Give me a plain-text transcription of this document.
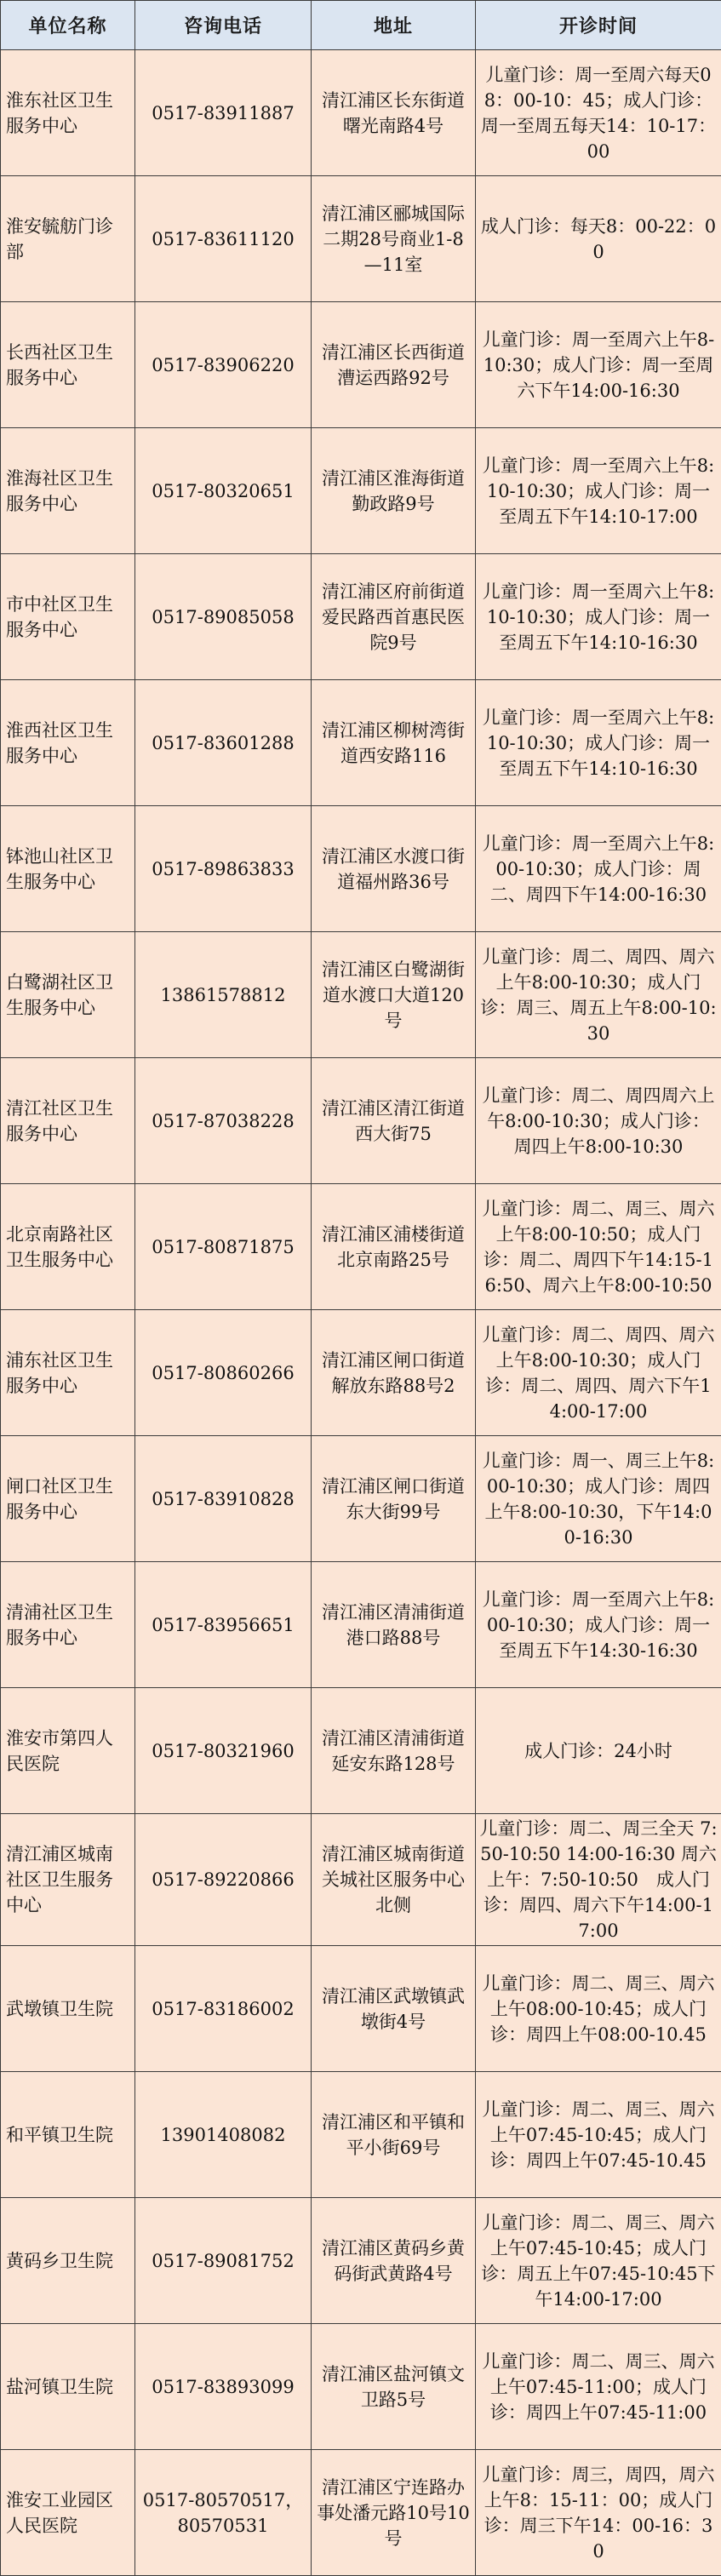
单位名称	咨询电话	地址	开诊时间
淮东社区卫生服务中心	0517-83911887	清江浦区长东街道曙光南路4号	儿童门诊：周一至周六每天08：00-10：45；成人门诊：周一至周五每天14：10-17：00
淮安毓舫门诊部	0517-83611120	清江浦区郦城国际二期28号商业1-8—11室	成人门诊：每天8：00-22：00
长西社区卫生服务中心	0517-83906220	清江浦区长西街道漕运西路92号	儿童门诊：周一至周六上午8-10:30；成人门诊：周一至周六下午14:00-16:30
淮海社区卫生服务中心	0517-80320651	清江浦区淮海街道勤政路9号	儿童门诊：周一至周六上午8:10-10:30；成人门诊：周一至周五下午14:10-17:00
市中社区卫生服务中心	0517-89085058	清江浦区府前街道爱民路西首惠民医院9号	儿童门诊：周一至周六上午8:10-10:30；成人门诊：周一至周五下午14:10-16:30
淮西社区卫生服务中心	0517-83601288	清江浦区柳树湾街道西安路116	儿童门诊：周一至周六上午8:10-10:30；成人门诊：周一至周五下午14:10-16:30
钵池山社区卫生服务中心	0517-89863833	清江浦区水渡口街道福州路36号	儿童门诊：周一至周六上午8:00-10:30；成人门诊：周二、周四下午14:00-16:30
白鹭湖社区卫生服务中心	13861578812	清江浦区白鹭湖街道水渡口大道120号	儿童门诊：周二、周四、周六上午8:00-10:30；成人门诊：周三、周五上午8:00-10:30
清江社区卫生服务中心	0517-87038228	清江浦区清江街道西大街75	儿童门诊：周二、周四周六上午8:00-10:30；成人门诊：周四上午8:00-10:30
北京南路社区卫生服务中心	0517-80871875	清江浦区浦楼街道北京南路25号	儿童门诊：周二、周三、周六上午8:00-10:50；成人门诊：周二、周四下午14:15-16:50、周六上午8:00-10:50
浦东社区卫生服务中心	0517-80860266	清江浦区闸口街道解放东路88号2	儿童门诊：周二、周四、周六上午8:00-10:30；成人门诊：周二、周四、周六下午14:00-17:00
闸口社区卫生服务中心	0517-83910828	清江浦区闸口街道东大街99号	儿童门诊：周一、周三上午8:00-10:30；成人门诊：周四上午8:00-10:30，下午14:00-16:30
清浦社区卫生服务中心	0517-83956651	清江浦区清浦街道港口路88号	儿童门诊：周一至周六上午8:00-10:30；成人门诊：周一至周五下午14:30-16:30
淮安市第四人民医院	0517-80321960	清江浦区清浦街道延安东路128号	成人门诊：24小时
清江浦区城南社区卫生服务中心	0517-89220866	清江浦区城南街道关城社区服务中心北侧	儿童门诊：周二、周三全天 7:50-10:50 14:00-16:30 周六上午：7:50-10:50　成人门诊：周四、周六下午14:00-17:00
武墩镇卫生院	0517-83186002	清江浦区武墩镇武墩街4号	儿童门诊：周二、周三、周六上午08:00-10:45；成人门诊：周四上午08:00-10.45
和平镇卫生院	13901408082	清江浦区和平镇和平小街69号	儿童门诊：周二、周三、周六上午07:45-10:45；成人门诊：周四上午07:45-10.45
黄码乡卫生院	0517-89081752	清江浦区黄码乡黄码街武黄路4号	儿童门诊：周二、周三、周六上午07:45-10:45；成人门诊：周五上午07:45-10:45下午14:00-17:00
盐河镇卫生院	0517-83893099	清江浦区盐河镇文卫路5号	儿童门诊：周二、周三、周六上午07:45-11:00；成人门诊：周四上午07:45-11:00
淮安工业园区人民医院	0517-80570517，80570531	清江浦区宁连路办事处潘元路10号10号	儿童门诊：周三，周四，周六上午8：15-11：00；成人门诊：周三下午14：00-16：30
